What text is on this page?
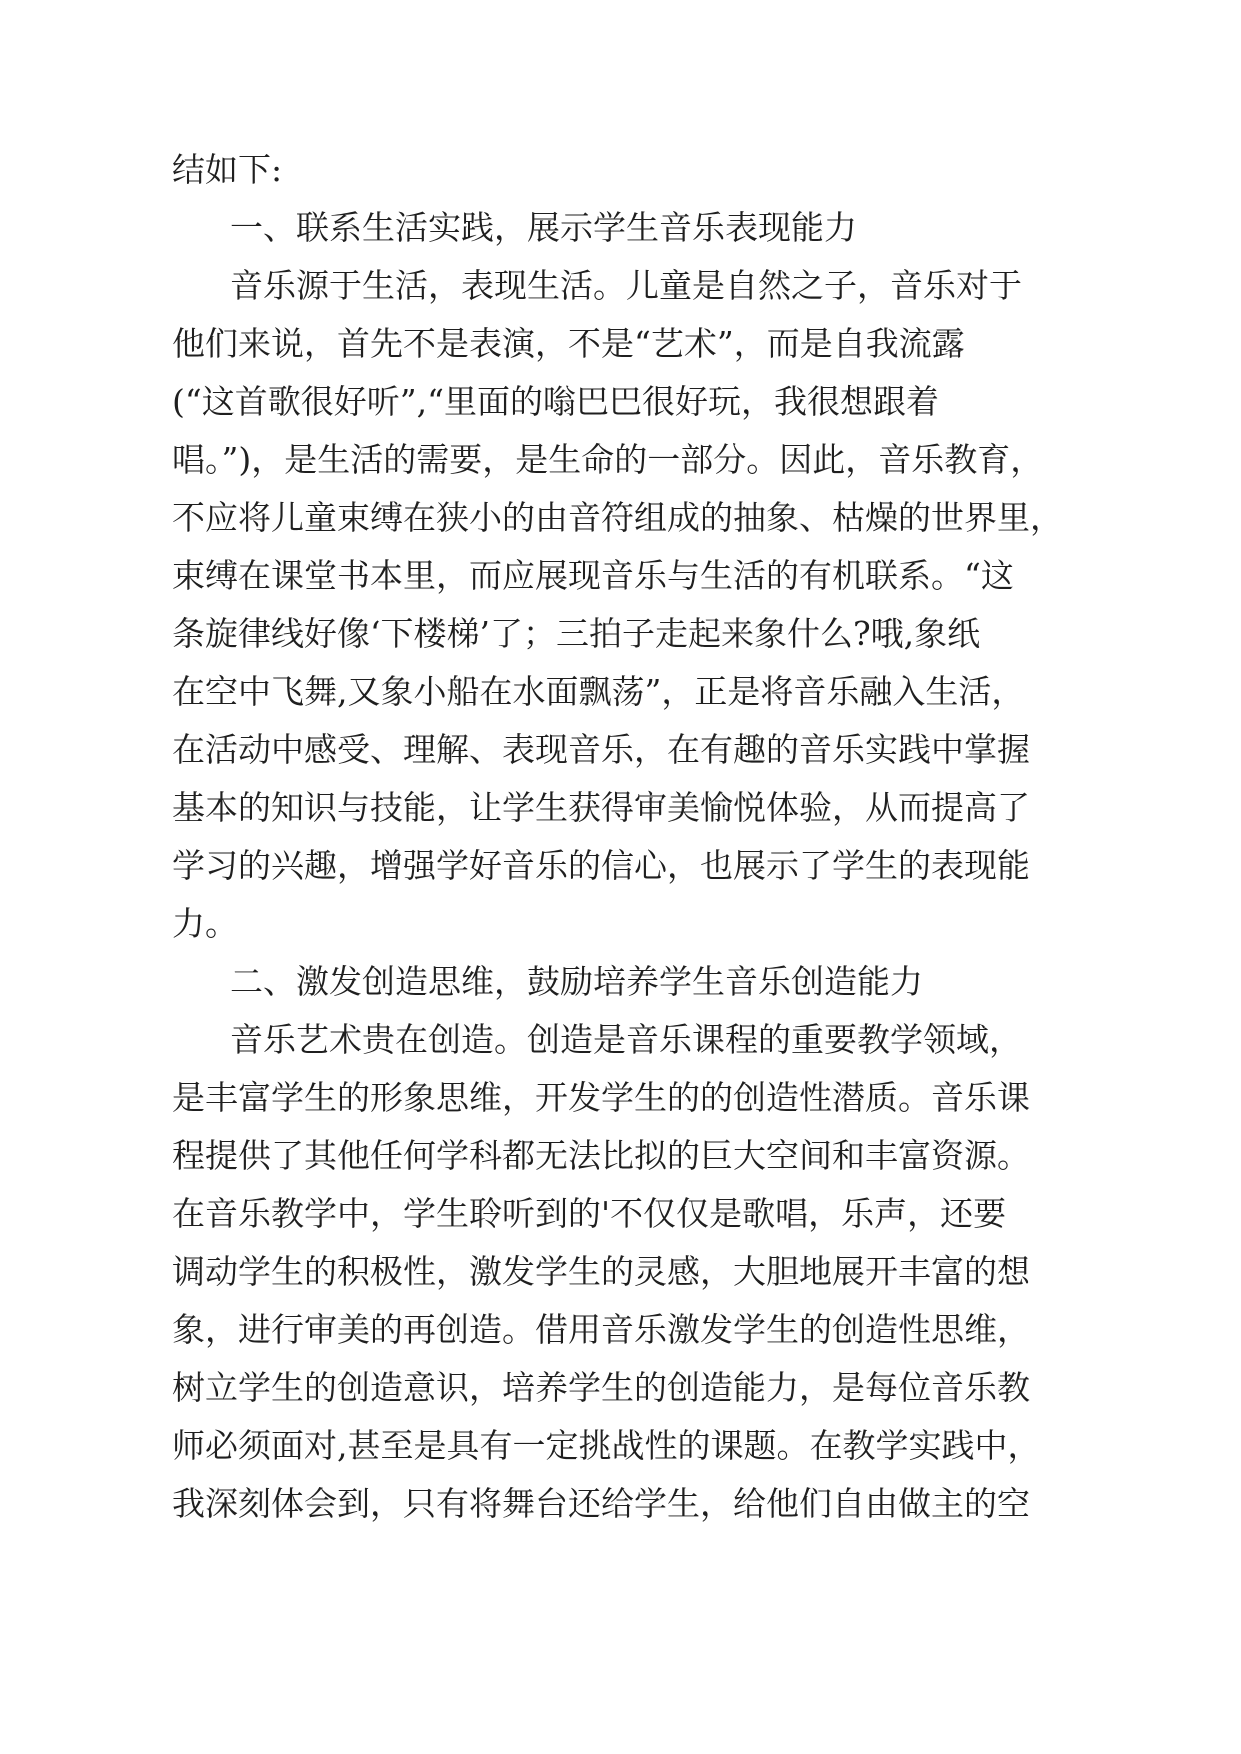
结如下:

一、联系生活实践，展示学生音乐表现能力

音乐源于生活，表现生活。儿童是自然之子，音乐对于

他们来说，首先不是表演，不是“艺术”，而是自我流露

(“这首歌很好听”,“里面的嗡巴巴很好玩，我很想跟着

唱。”)，是生活的需要，是生命的一部分。因此，音乐教育，

不应将儿童束缚在狭小的由音符组成的抽象、枯燥的世界里，

束缚在课堂书本里，而应展现音乐与生活的有机联系。“这

条旋律线好像‘下楼梯’了；三拍子走起来象什么?哦,象纸

在空中飞舞,又象小船在水面飘荡”，正是将音乐融入生活，

在活动中感受、理解、表现音乐，在有趣的音乐实践中掌握

基本的知识与技能，让学生获得审美愉悦体验，从而提高了

学习的兴趣，增强学好音乐的信心，也展示了学生的表现能

力。

二、激发创造思维，鼓励培养学生音乐创造能力

音乐艺术贵在创造。创造是音乐课程的重要教学领域，

是丰富学生的形象思维，开发学生的的创造性潜质。音乐课

程提供了其他任何学科都无法比拟的巨大空间和丰富资源。

在音乐教学中，学生聆听到的'不仅仅是歌唱，乐声，还要

调动学生的积极性，激发学生的灵感，大胆地展开丰富的想

象，进行审美的再创造。借用音乐激发学生的创造性思维，

树立学生的创造意识，培养学生的创造能力，是每位音乐教

师必须面对,甚至是具有一定挑战性的课题。在教学实践中，

我深刻体会到，只有将舞台还给学生，给他们自由做主的空
